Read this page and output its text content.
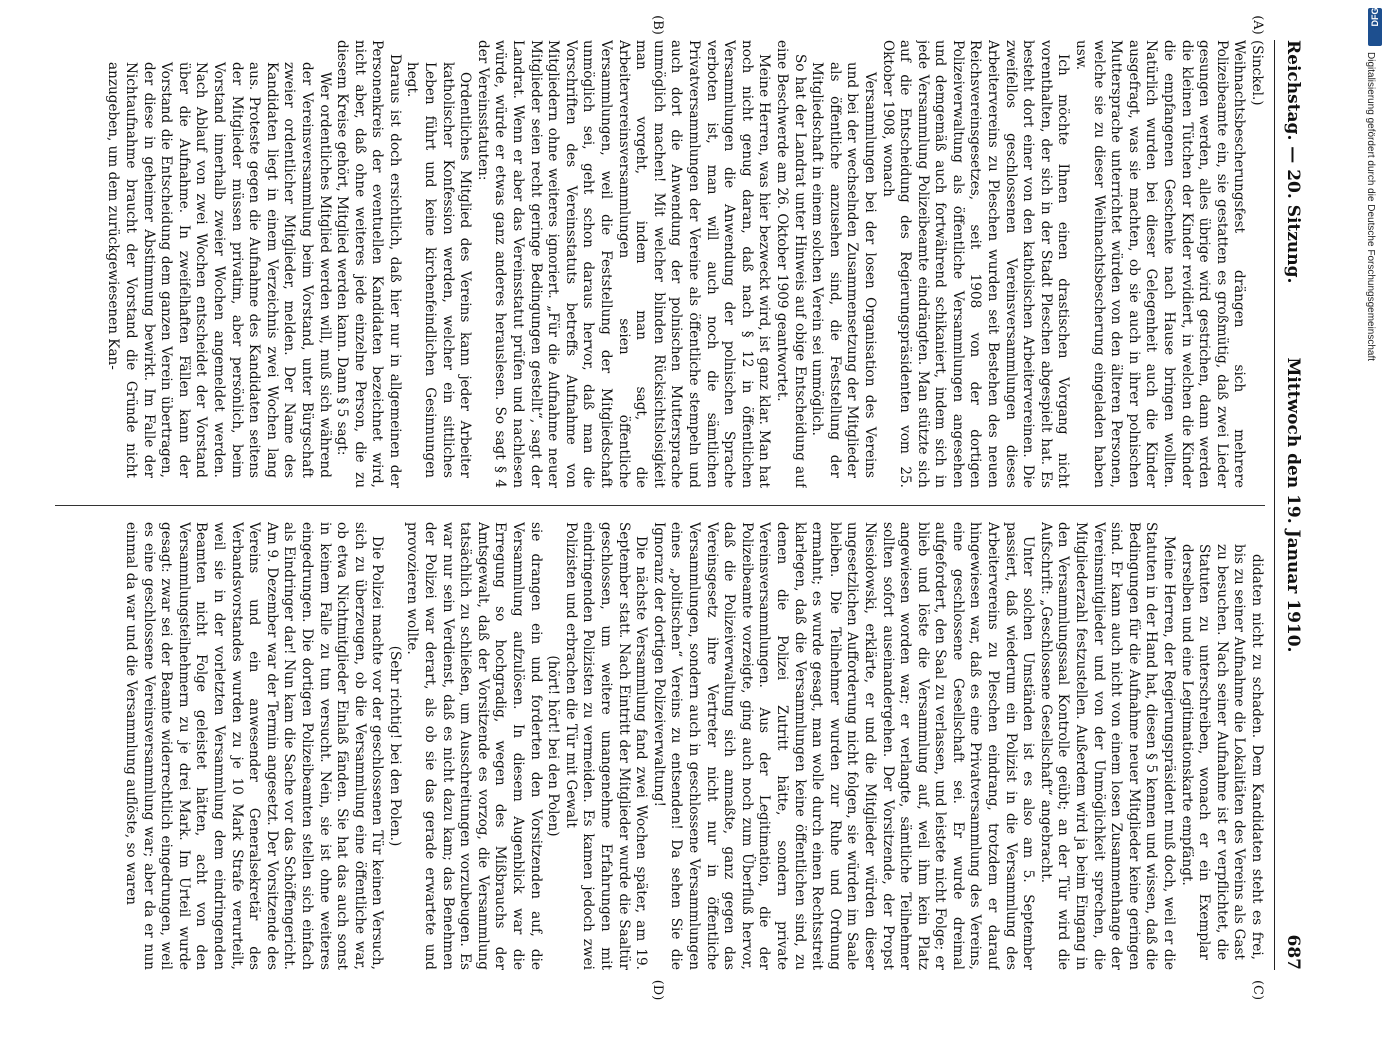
Reichstag. — 20. Sitzung.
Mittwoch den 19. Januar 1910.
687
(A)
(B)
(C)
(D)

(Sinckel.)

Weihnachtsbescherungsfest drängen sich mehrere Polizeibeamte ein, sie gestatten es großmütig, daß zwei Lieder gesungen werden, alles übrige wird gestrichen, dann werden die kleinen Tütchen der Kinder revidiert, in welchen die Kinder die empfangenen Geschenke nach Hause bringen wollten. Natürlich wurden bei dieser Gelegenheit auch die Kinder ausgefragt, was sie machten, ob sie auch in ihrer polnischen Muttersprache unterrichtet würden von den älteren Personen, welche sie zu dieser Weihnachtsbescherung eingeladen haben usw.

Ich möchte Ihnen einen drastischen Vorgang nicht vorenthalten, der sich in der Stadt Pleschen abgespielt hat. Es besteht dort einer von den katholischen Arbeitervereinen. Die zweifellos geschlossenen Vereinsversammlungen dieses Arbeitervereins zu Pleschen wurden seit Bestehen des neuen Reichsvereinsgesetzes, seit 1908 von der dortigen Polizeiverwaltung als öffentliche Versammlungen angesehen und demgemäß auch fortwährend schikaniert, indem sich in jede Versammlung Polizeibeamte eindrängten. Man stützte sich auf die Entscheidung des Regierungspräsidenten vom 25. Oktober 1908, wonach

Versammlungen bei der losen Organisation des Vereins und bei der wechselnden Zusammensetzung der Mitglieder als öffentliche anzusehen sind, die Feststellung der Mitgliedschaft in einem solchen Verein sei unmöglich.

So hat der Landrat unter Hinweis auf obige Entscheidung auf eine Beschwerde am 26. Oktober 1909 geantwortet.

Meine Herren, was hier bezweckt wird, ist ganz klar. Man hat noch nicht genug daran, daß nach § 12 in öffentlichen Versammlungen die Anwendung der polnischen Sprache verboten ist, man will auch noch die sämtlichen Privatversammlungen der Vereine als öffentliche stempeln und auch dort die Anwendung der polnischen Muttersprache unmöglich machen! Mit welcher blinden Rücksichtslosigkeit man vorgeht, indem man sagt, die Arbeitervereinsversammlungen seien öffentliche Versammlungen, weil die Feststellung der Mitgliedschaft unmöglich sei, geht schon daraus hervor, daß man die Vorschriften des Vereinsstatuts betreffs Aufnahme von Mitgliedern ohne weiteres ignoriert. „Für die Aufnahme neuer Mitglieder seien recht geringe Bedingungen gestellt“, sagt der Landrat. Wenn er aber das Vereinsstatut prüfen und nachlesen würde, würde er etwas ganz anderes herauslesen. So sagt § 4 der Vereinsstatuten:

Ordentliches Mitglied des Vereins kann jeder Arbeiter katholischer Konfession werden, welcher ein sittliches Leben führt und keine kirchenfeindlichen Gesinnungen hegt.

Daraus ist doch ersichtlich, daß hier nur in allgemeinen der Personenkreis der eventuellen Kandidaten bezeichnet wird, nicht aber, daß ohne weiteres jede einzelne Person, die zu diesem Kreise gehört, Mitglied werden kann. Dann § 5 sagt:

Wer ordentliches Mitglied werden will, muß sich während der Vereinsversammlung beim Vorstand, unter Bürgschaft zweier ordentlicher Mitglieder, melden. Der Name des Kandidaten liegt in einem Verzeichnis zwei Wochen lang aus. Proteste gegen die Aufnahme des Kandidaten seitens der Mitglieder müssen privatim, aber persönlich, beim Vorstand innerhalb zweier Wochen angemeldet werden. Nach Ablauf von zwei Wochen entscheidet der Vorstand über die Aufnahme. In zweifelhaften Fällen kann der Vorstand die Entscheidung dem ganzen Verein übertragen, der diese in geheimer Abstimmung bewirkt. Im Falle der Nichtaufnahme braucht der Vorstand die Gründe nicht anzugeben, um dem zurückgewiesenen Kan-

didaten nicht zu schaden. Dem Kandidaten steht es frei, bis zu seiner Aufnahme die Lokalitäten des Vereins als Gast zu besuchen. Nach seiner Aufnahme ist er verpflichtet, die Statuten zu unterschreiben, wonach er ein Exemplar derselben und eine Legitimationskarte empfängt.

Meine Herren, der Regierungspräsident muß doch, weil er die Statuten in der Hand hat, diesen § 5 kennen und wissen, daß die Bedingungen für die Aufnahme neuer Mitglieder keine geringen sind. Er kann auch nicht von einem losen Zusammenhange der Vereinsmitglieder und von der Unmöglichkeit sprechen, die Mitgliederzahl festzustellen. Außerdem wird ja beim Eingang in den Versammlungssaal Kontrolle geübt; an der Tür wird die Aufschrift: „Geschlossene Gesellschaft“ angebracht.

Unter solchen Umständen ist es also am 5. September passiert, daß wiederum ein Polizist in die Versammlung des Arbeitervereins zu Pleschen eindrang, trotzdem er darauf hingewiesen war, daß es eine Privatversammlung des Vereins, eine geschlossene Gesellschaft sei. Er wurde dreimal aufgefordert, den Saal zu verlassen, und leistete nicht Folge; er blieb und löste die Versammlung auf, weil ihm kein Platz angewiesen worden war; er verlangte, sämtliche Teilnehmer sollten sofort auseinandergehen. Der Vorsitzende, der Propst Niesiołowski, erklärte, er und die Mitglieder würden dieser ungesetzlichen Aufforderung nicht folgen, sie würden im Saale bleiben. Die Teilnehmer wurden zur Ruhe und Ordnung ermahnt; es wurde gesagt, man wolle durch einen Rechtsstreit klarlegen, daß die Versammlungen keine öffentlichen sind, zu denen die Polizei Zutritt hätte, sondern private Vereinsversammlungen. Aus der Legitimation, die der Polizeibeamte vorzeigte, ging auch noch zum Überfluß hervor, daß die Polizeiverwaltung sich anmaßte, ganz gegen das Vereinsgesetz ihre Vertreter nicht nur in öffentliche Versammlungen, sondern auch in geschlossene Versammlungen eines „politischen“ Vereins zu entsenden! Da sehen Sie die Ignoranz der dortigen Polizeiverwaltung!

Die nächste Versammlung fand zwei Wochen später, am 19. September statt. Nach Eintritt der Mitglieder wurde die Saaltür geschlossen, um weitere unangenehme Erfahrungen mit eindringenden Polizisten zu vermeiden. Es kamen jedoch zwei Polizisten und erbrachen die Tür mit Gewalt

(hört! hört! bei den Polen)

sie drangen ein und forderten den Vorsitzenden auf, die Versammlung aufzulösen. In diesem Augenblick war die Erregung so hochgradig, wegen des Mißbrauchs der Amtsgewalt, daß der Vorsitzende es vorzog, die Versammlung tatsächlich zu schließen, um Ausschreitungen vorzubeugen. Es war nur sein Verdienst, daß es nicht dazu kam; das Benehmen der Polizei war derart, als ob sie das gerade erwartete und provozieren wollte.

(Sehr richtig! bei den Polen.)

Die Polizei machte vor der geschlossenen Tür keinen Versuch, sich zu überzeugen, ob die Versammlung eine öffentliche war, ob etwa Nichtmitglieder Einlaß fänden. Sie hat das auch sonst in keinem Falle zu tun versucht. Nein, sie ist ohne weiteres eingedrungen. Die dortigen Polizeibeamten stellen sich einfach als Eindringer dar! Nun kam die Sache vor das Schöffengericht. Am 9. Dezember war der Termin angesetzt. Der Vorsitzende des Vereins und ein anwesender Generalsekretär des Verbandsvorstandes wurden zu je 10 Mark Strafe verurteilt, weil sie in der vorletzten Versammlung dem eindringenden Beamten nicht Folge geleistet hätten, acht von den Versammlungsteilnehmern zu je drei Mark. Im Urteil wurde gesagt: zwar sei der Beamte widerrechtlich eingedrungen, weil es eine geschlossene Vereinsversammlung war; aber da er nun einmal da war und die Versammlung auflöste, so waren

DFG
Digitalisierung gefördert durch die Deutsche Forschungsgemeinschaft
